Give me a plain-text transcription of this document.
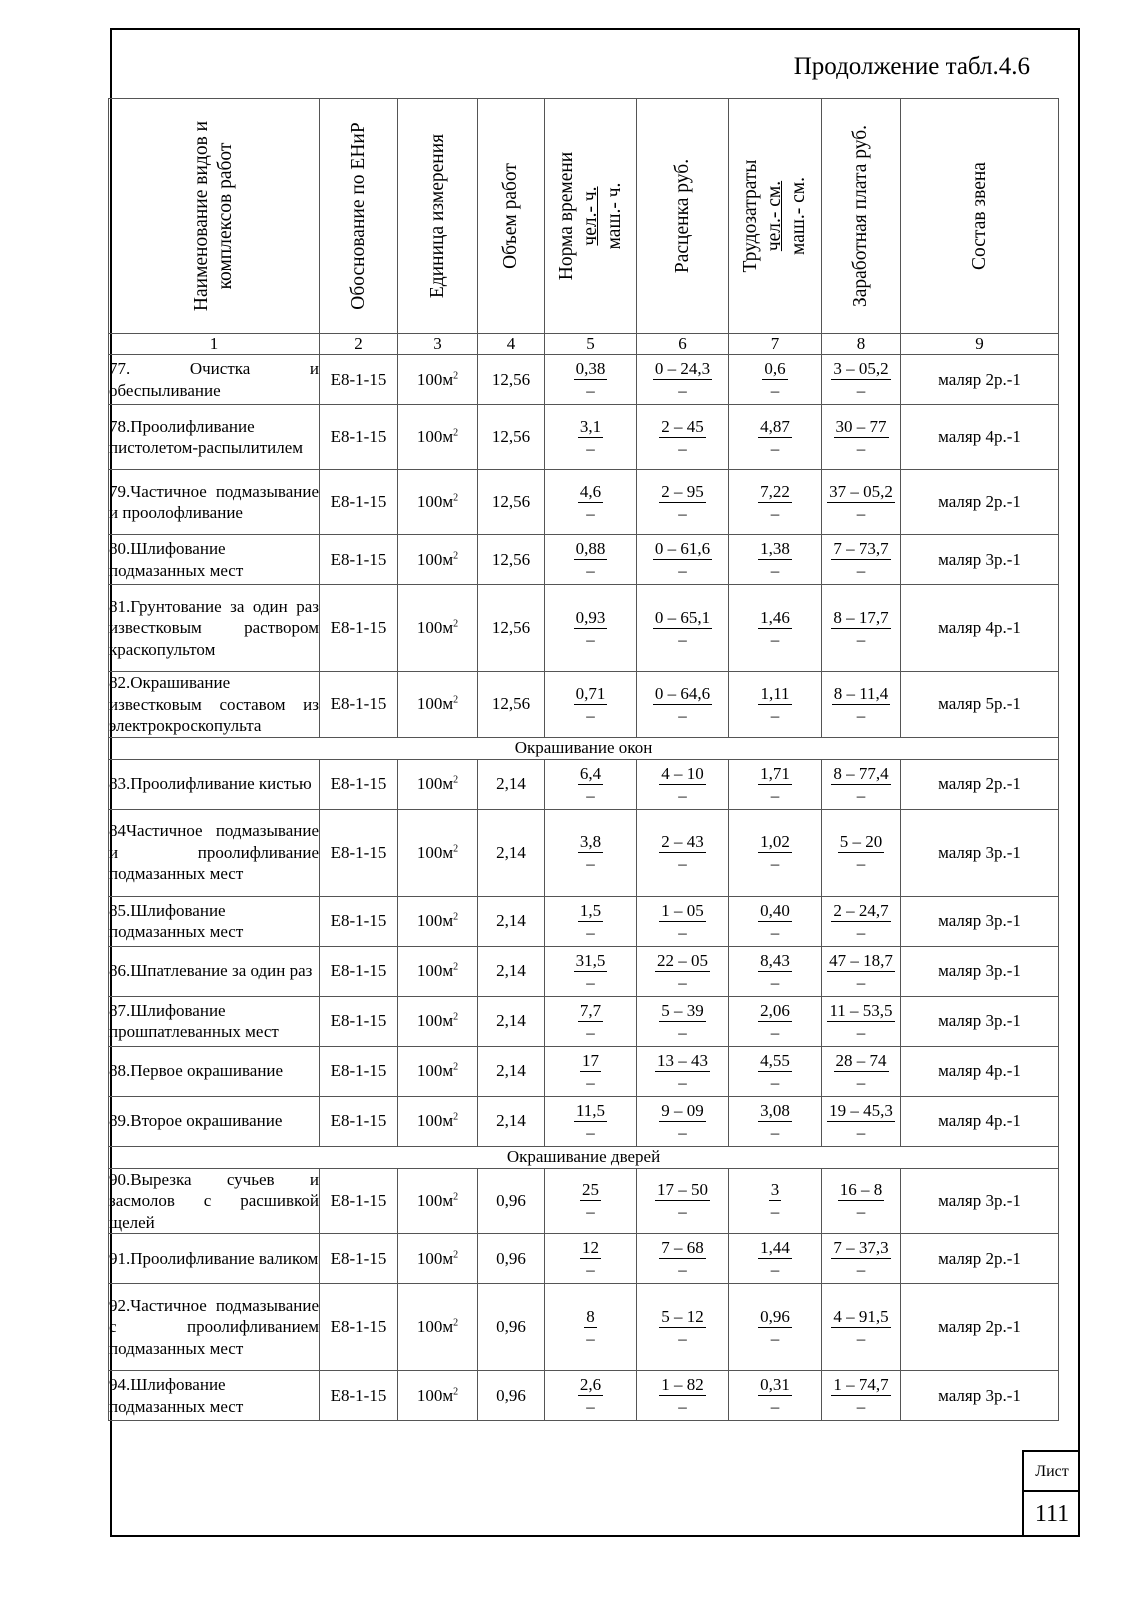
Продолжение табл.4.6
Наименование видов и комплексов работ	Обоснование по ЕНиР	Единица измерения	Объем работ	Норма времени чел.- ч. маш.- ч.	Расценка руб.	Трудозатраты чел.- см. маш.- см.	Заработная плата руб.	Состав звена

1	2	3	4	5	6	7	8	9
77. Очистка и обеспыливание	Е8-1-15	$100м^2$	12,56	$\frac{0,38}{-}$	$\frac{0 - 24,3}{-}$	$\frac{0,6}{-}$	$\frac{3 - 05,2}{-}$	маляр 2р.-1
78.Проолифливание пистолетом-распылитилем	Е8-1-15	$100м^2$	12,56	$\frac{3,1}{-}$	$\frac{2 - 45}{-}$	$\frac{4,87}{-}$	$\frac{30 - 77}{-}$	маляр 4р.-1
79.Частичное подмазывание и проолофливание	Е8-1-15	$100м^2$	12,56	$\frac{4,6}{-}$	$\frac{2 - 95}{-}$	$\frac{7,22}{-}$	$\frac{37 - 05,2}{-}$	маляр 2р.-1
80.Шлифование подмазанных мест	Е8-1-15	$100м^2$	12,56	$\frac{0,88}{-}$	$\frac{0 - 61,6}{-}$	$\frac{1,38}{-}$	$\frac{7 - 73,7}{-}$	маляр 3р.-1
81.Грунтование за один раз известковым раствором краскопультом	Е8-1-15	$100м^2$	12,56	$\frac{0,93}{-}$	$\frac{0 - 65,1}{-}$	$\frac{1,46}{-}$	$\frac{8 - 17,7}{-}$	маляр 4р.-1
82.Окрашивание известковым составом из электрокроскопульта	Е8-1-15	$100м^2$	12,56	$\frac{0,71}{-}$	$\frac{0 - 64,6}{-}$	$\frac{1,11}{-}$	$\frac{8 - 11,4}{-}$	маляр 5р.-1
Окрашивание окон								
83.Проолифливание кистью	Е8-1-15	$100м^2$	2,14	$\frac{6,4}{-}$	$\frac{4 - 10}{-}$	$\frac{1,71}{-}$	$\frac{8 - 77,4}{-}$	маляр 2р.-1
84Частичное подмазывание и проолифливание подмазанных мест	Е8-1-15	$100м^2$	2,14	$\frac{3,8}{-}$	$\frac{2 - 43}{-}$	$\frac{1,02}{-}$	$\frac{5 - 20}{-}$	маляр 3р.-1
85.Шлифование подмазанных мест	Е8-1-15	$100м^2$	2,14	$\frac{1,5}{-}$	$\frac{1 - 05}{-}$	$\frac{0,40}{-}$	$\frac{2 - 24,7}{-}$	маляр 3р.-1
86.Шпатлевание за один раз	Е8-1-15	$100м^2$	2,14	$\frac{31,5}{-}$	$\frac{22 - 05}{-}$	$\frac{8,43}{-}$	$\frac{47 - 18,7}{-}$	маляр 3р.-1
87.Шлифование прошпатлеванных мест	Е8-1-15	$100м^2$	2,14	$\frac{7,7}{-}$	$\frac{5 - 39}{-}$	$\frac{2,06}{-}$	$\frac{11 - 53,5}{-}$	маляр 3р.-1
88.Первое окрашивание	Е8-1-15	$100м^2$	2,14	$\frac{17}{-}$	$\frac{13 - 43}{-}$	$\frac{4,55}{-}$	$\frac{28 - 74}{-}$	маляр 4р.-1
89.Второе окрашивание	Е8-1-15	$100м^2$	2,14	$\frac{11,5}{-}$	$\frac{9 - 09}{-}$	$\frac{3,08}{-}$	$\frac{19 - 45,3}{-}$	маляр 4р.-1
Окрашивание дверей								
90.Вырезка сучьев и засмолов с расшивкой щелей	Е8-1-15	$100м^2$	0,96	$\frac{25}{-}$	$\frac{17 - 50}{-}$	$\frac{3}{-}$	$\frac{16 - 8}{-}$	маляр 3р.-1
91.Проолифливание валиком	Е8-1-15	$100м^2$	0,96	$\frac{12}{-}$	$\frac{7 - 68}{-}$	$\frac{1,44}{-}$	$\frac{7 - 37,3}{-}$	маляр 2р.-1
92.Частичное подмазывание с проолифливанием подмазанных мест	Е8-1-15	$100м^2$	0,96	$\frac{8}{-}$	$\frac{5 - 12}{-}$	$\frac{0,96}{-}$	$\frac{4 - 91,5}{-}$	маляр 2р.-1
94.Шлифование подмазанных мест	Е8-1-15	$100м^2$	0,96	$\frac{2,6}{-}$	$\frac{1 - 82}{-}$	$\frac{0,31}{-}$	$\frac{1 - 74,7}{-}$	маляр 3р.-1
Лист
111
